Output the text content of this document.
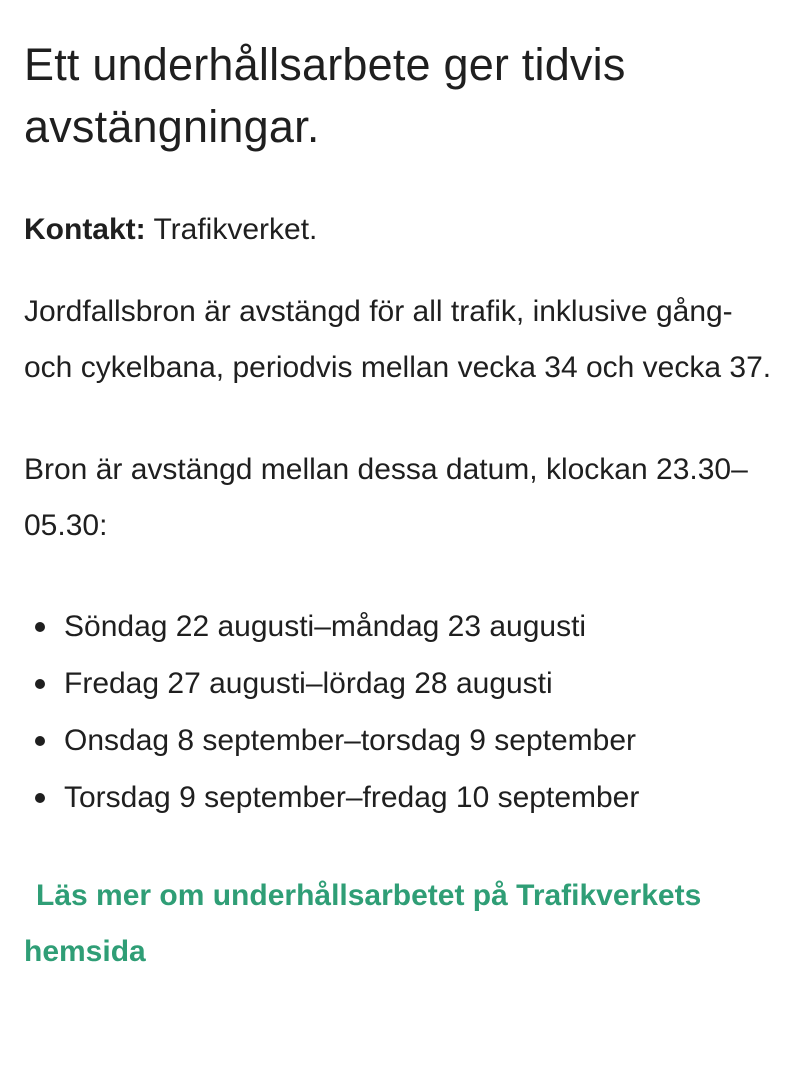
Ett underhållsarbete ger tidvis avstängningar.

Kontakt: Trafikverket.

Jordfallsbron är avstängd för all trafik, inklusive gång- och cykelbana, periodvis mellan vecka 34 och vecka 37.

Bron är avstängd mellan dessa datum, klockan 23.30–05.30:

Söndag 22 augusti–måndag 23 augusti
Fredag 27 augusti–lördag 28 augusti
Onsdag 8 september–torsdag 9 september
Torsdag 9 september–fredag 10 september
Läs mer om underhållsarbetet på Trafikverkets hemsida
